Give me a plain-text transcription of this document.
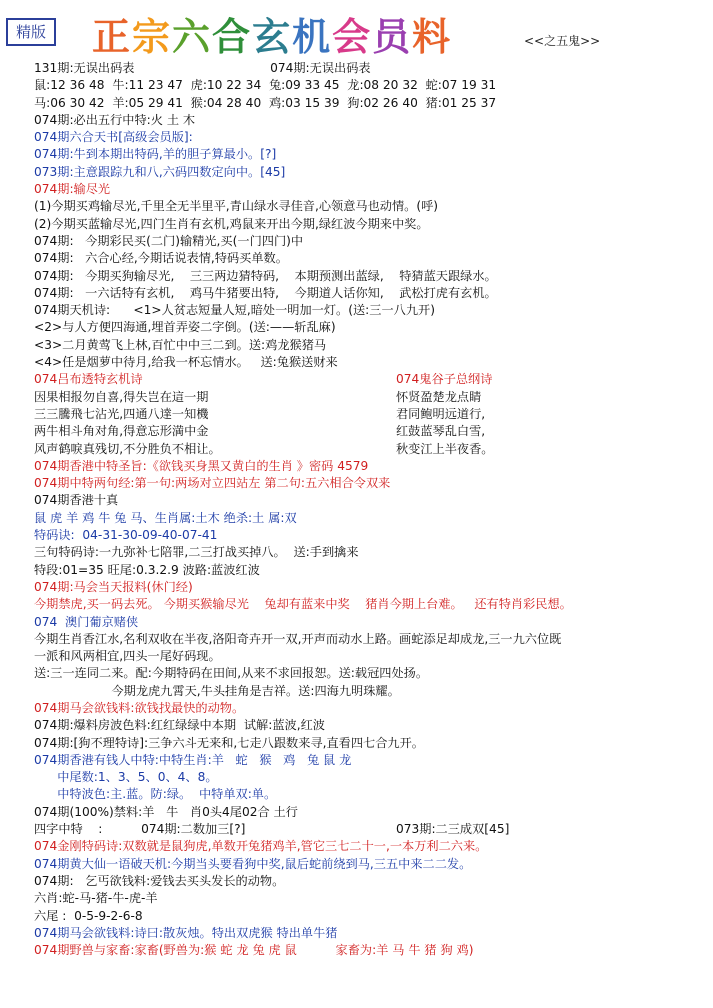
精版 正宗六合玄机会员料	<<之五鬼>>
131期:无误出码表                                   074期:无误出码表
鼠:12 36 48  牛:11 23 47  虎:10 22 34  兔:09 33 45  龙:08 20 32  蛇:07 19 31
马:06 30 42  羊:05 29 41  猴:04 28 40  鸡:03 15 39  狗:02 26 40  猪:01 25 37
074期:必出五行中特:火 土 木
074期六合天书[高级会员版]:
074期:牛到本期出特码,羊的胆子算最小。[?]
073期:主意跟踪九和八,六码四数定向中。[45]
074期:输尽光
(1)今期买鸡输尽光,千里全无半里平,青山绿水寻佳音,心领意马也动情。(呼)
(2)今期买蓝输尽光,四门生肖有玄机,鸡鼠来开出今期,绿红波今期来中奖。
074期:   今期彩民买(二门)输精光,买(一门四门)中
074期:   六合心经,今期话说表情,特码买单数。
074期:   今期买狗输尽光,    三三两边猜特码,    本期预测出蓝绿,    特猜蓝天跟绿水。
074期:   一六话特有玄机,    鸡马牛猪要出特,    今期道人话你知,    武松打虎有玄机。
074期天机诗:      <1>人贫志短量人短,暗处一明加一灯。(送:三一八九开)
<2>与人方便四海通,埋首弄姿二字倒。(送:——斩乱麻)
<3>二月黄莺飞上林,百忙中中三二到。送:鸡龙猴猪马
<4>任是烟萝中待月,给我一杯忘情水。   送:兔猴送财来
074吕布透特玄机诗	074鬼谷子总纲诗
因果相报勿自喜,得失岂在這一期	怀贤盈楚龙点睛
三三騰飛七沾光,四通八達一知機	君同鲍明远道行,
两牛相斗角对角,得意忘形満中金	红鼓蓝琴乱白雪,
风声鹤唳真残切,不分胜负不相让。	秋变江上半夜香。
074期香港中特圣旨:《欲钱买身黑又黄白的生肖 》密码 4579
074期中特两句经:第一句:两场对立四站左 第二句:五六相合令双来
074期香港十真
鼠 虎 羊 鸡 牛 兔 马、生肖属:土木 绝杀:土 属:双
特码诀:  04-31-30-09-40-07-41
三句特码诗:一九弥补七陪罪,二三打战买掉八。  送:手到擒来
特段:01=35 旺尾:0.3.2.9 波路:蓝波红波
074期:马会当天报料(休门经)
今期禁虎,买一码去死。 今期买猴输尽光    兔却有蓝来中奖    猪肖今期上台难。   还有特肖彩民想。
074  澳门葡京赌侠
今期生肖香江水,名利双收在半夜,洛阳奇卉开一双,开声而动水上路。画蛇添足却成龙,三一九六位既
一派和风两相宜,四头一尾好码现。
送:三一连同二来。配:今期特码在田间,从来不求回报恕。送:载冠四处扬。
今期龙虎九霄天,牛头挂角是吉祥。送:四海九明珠耀。
074期马会欲钱料:欲钱找最快的动物。
074期:爆料房波色料:红红绿绿中本期  试解:蓝波,红波
074期:[狗不理特诗]:三争六斗无来和,七走八跟数来寻,直看四七合九开。
074期香港有钱人中特:中特生肖:羊   蛇   猴   鸡   兔 鼠 龙
中尾数:1、3、5、0、4、8。
中特波色:主.蓝。防:绿。  中特单双:单。
074期(100%)禁料:羊   牛   肖0头4尾02合 土行
四字中特    :          074期:二数加三[?]	073期:二三成双[45]
074金刚特码诗:双数就是鼠狗虎,单数开兔猪鸡羊,管它三七二十一,一本万利二六来。
074期黄大仙一语破天机:今期当头要看狗中奖,鼠后蛇前绕到马,三五中来二二发。
074期:   乞丐欲钱料:爱钱去买头发长的动物。
六肖:蛇-马-猪-牛-虎-羊
六尾 :  0-5-9-2-6-8
074期马会欲钱料:诗曰:散灰烛。特出双虎猴 特出单牛猪
074期野兽与家畜:家畜(野兽为:猴 蛇 龙 兔 虎 鼠          家畜为:羊 马 牛 猪 狗 鸡)
